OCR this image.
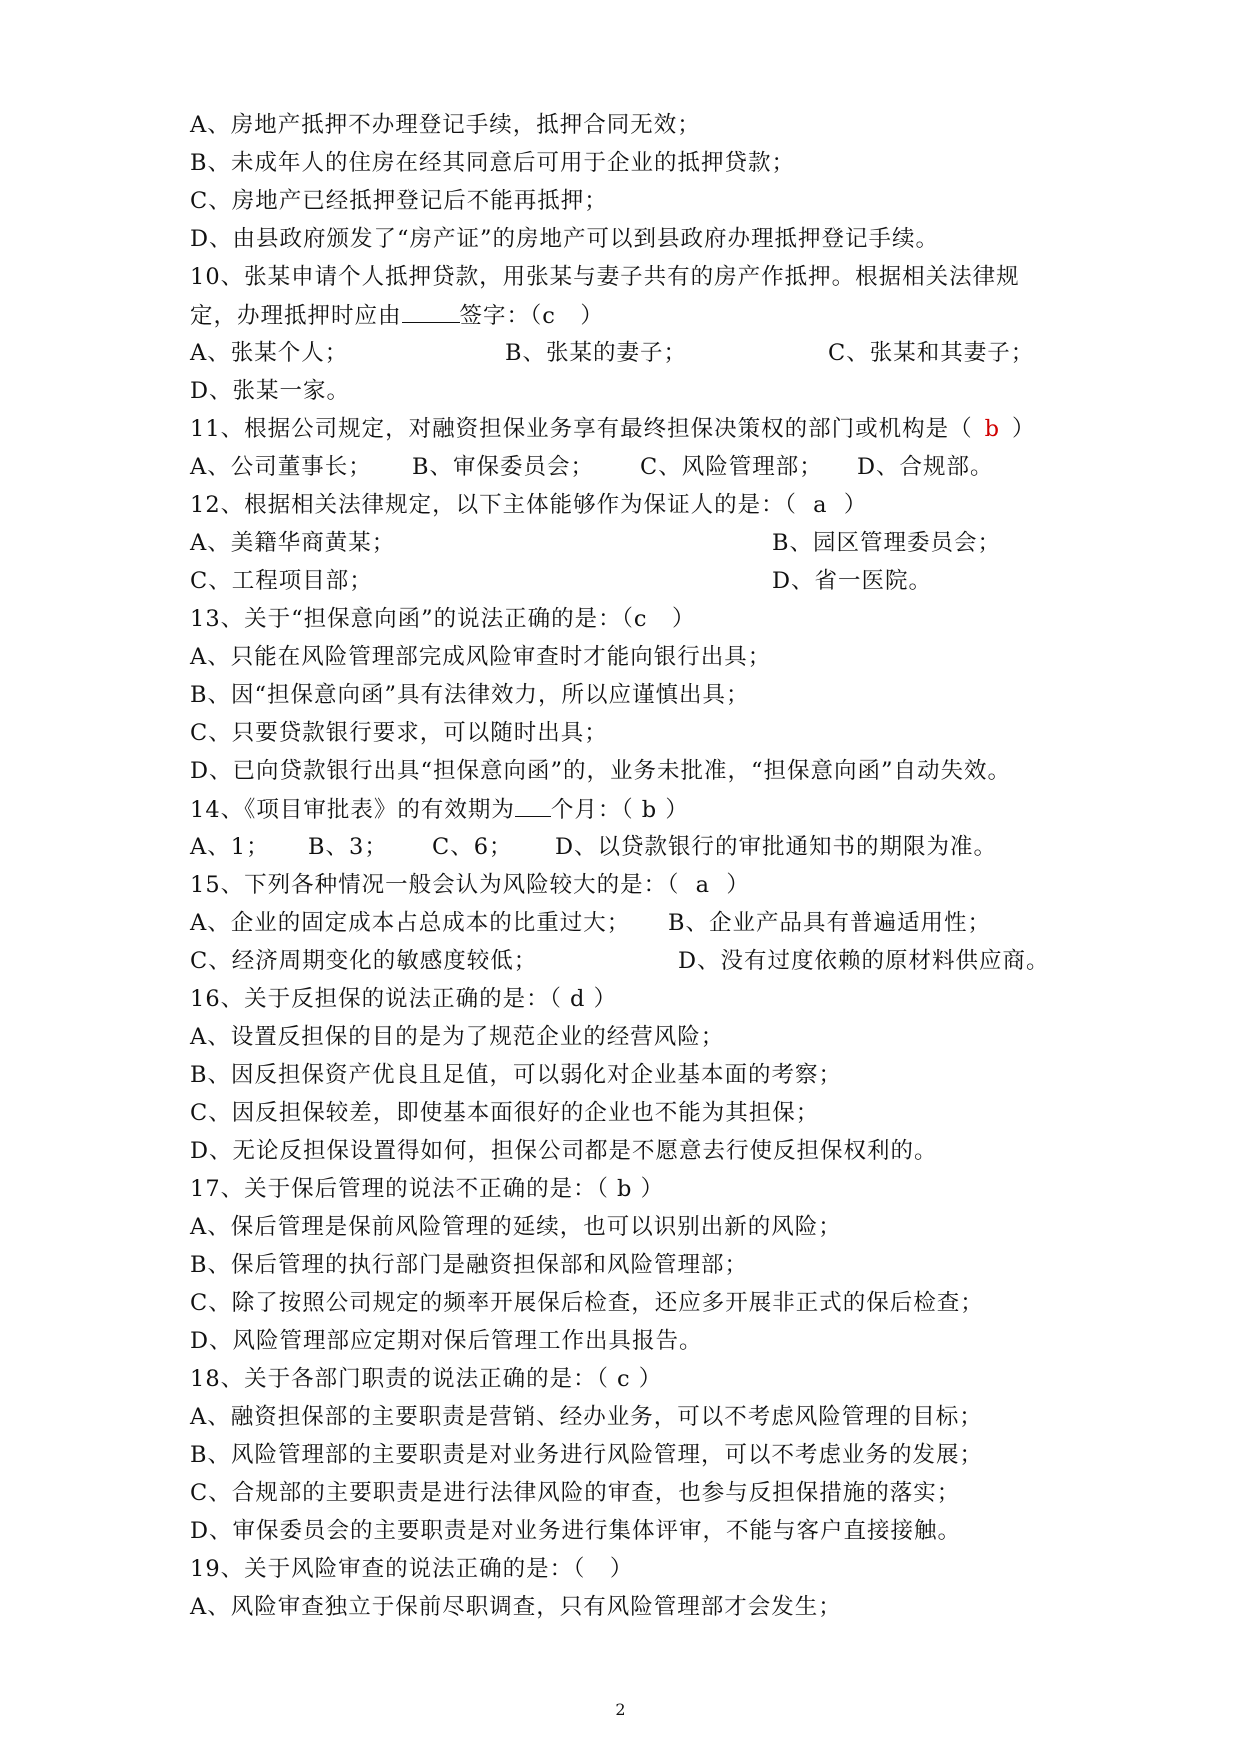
A、房地产抵押不办理登记手续，抵押合同无效；
B、未成年人的住房在经其同意后可用于企业的抵押贷款；
C、房地产已经抵押登记后不能再抵押；
D、由县政府颁发了“房产证”的房地产可以到县政府办理抵押登记手续。
10、张某申请个人抵押贷款，用张某与妻子共有的房产作抵押。根据相关法律规
定，办理抵押时应由	签字：（c   ）
A、张某个人；	B、张某的妻子；	C、张某和其妻子；
D、张某一家。
11、根据公司规定，对融资担保业务享有最终担保决策权的部门或机构是（ b ）
A、公司董事长； B、审保委员会； C、风险管理部； D、合规部。
12、根据相关法律规定，以下主体能够作为保证人的是：（  a  ）
A、美籍华商黄某；	B、园区管理委员会；
C、工程项目部；	D、省一医院。
13、关于“担保意向函”的说法正确的是：（c   ）
A、只能在风险管理部完成风险审查时才能向银行出具；
B、因“担保意向函”具有法律效力，所以应谨慎出具；
C、只要贷款银行要求，可以随时出具；
D、已向贷款银行出具“担保意向函”的，业务未批准，“担保意向函”自动失效。
14、《项目审批表》的有效期为 个月：（ b ）
A、1； B、3； C、6； D、以贷款银行的审批通知书的期限为准。
15、下列各种情况一般会认为风险较大的是：（  a  ）
A、企业的固定成本占总成本的比重过大； B、企业产品具有普遍适用性；
C、经济周期变化的敏感度较低；	D、没有过度依赖的原材料供应商。
16、关于反担保的说法正确的是：（ d ）
A、设置反担保的目的是为了规范企业的经营风险；
B、因反担保资产优良且足值，可以弱化对企业基本面的考察；
C、因反担保较差，即使基本面很好的企业也不能为其担保；
D、无论反担保设置得如何，担保公司都是不愿意去行使反担保权利的。
17、关于保后管理的说法不正确的是：（ b ）
A、保后管理是保前风险管理的延续，也可以识别出新的风险；
B、保后管理的执行部门是融资担保部和风险管理部；
C、除了按照公司规定的频率开展保后检查，还应多开展非正式的保后检查；
D、风险管理部应定期对保后管理工作出具报告。
18、关于各部门职责的说法正确的是：（ c ）
A、融资担保部的主要职责是营销、经办业务，可以不考虑风险管理的目标；
B、风险管理部的主要职责是对业务进行风险管理，可以不考虑业务的发展；
C、合规部的主要职责是进行法律风险的审查，也参与反担保措施的落实；
D、审保委员会的主要职责是对业务进行集体评审，不能与客户直接接触。
19、关于风险审查的说法正确的是：（   ）
A、风险审查独立于保前尽职调查，只有风险管理部才会发生；
2
